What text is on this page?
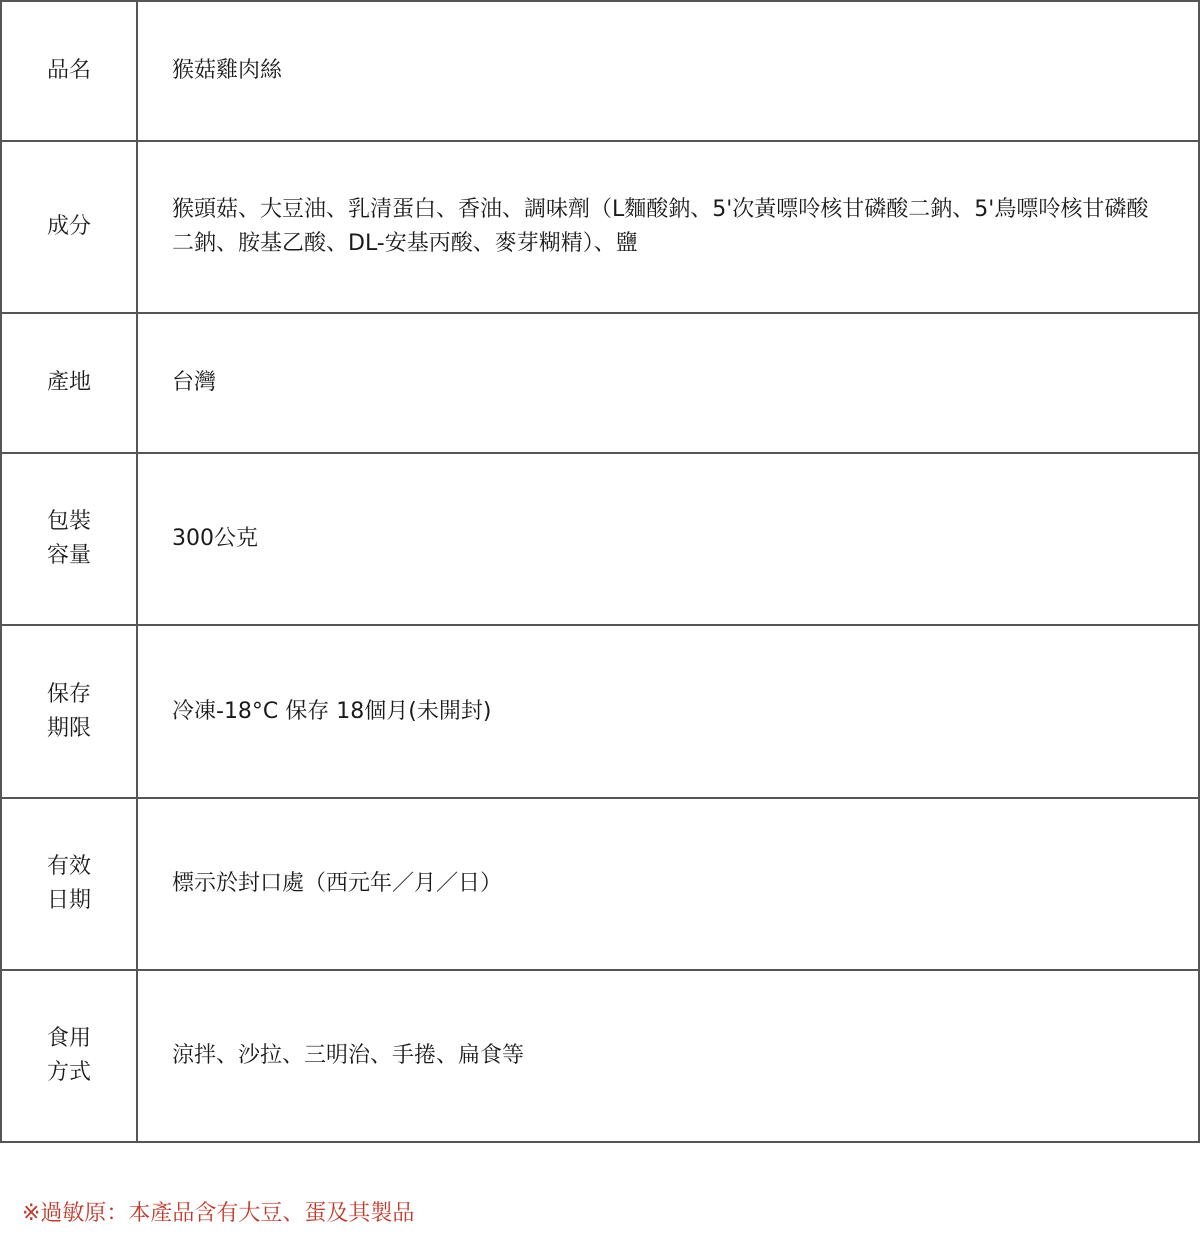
品名	猴菇雞肉絲
成分	猴頭菇、大豆油、乳清蛋白、香油、調味劑（L麵酸鈉、5'次黃嘌呤核甘磷酸二鈉、5'鳥嘌呤核甘磷酸二鈉、胺基乙酸、DL-安基丙酸、麥芽糊精）、鹽
產地	台灣
包裝容量	300公克
保存期限	冷凍-18°C 保存 18個月(未開封)
有效日期	標示於封口處（西元年／月／日）
食用方式	涼拌、沙拉、三明治、手捲、扁食等
※過敏原：本產品含有大豆、蛋及其製品
